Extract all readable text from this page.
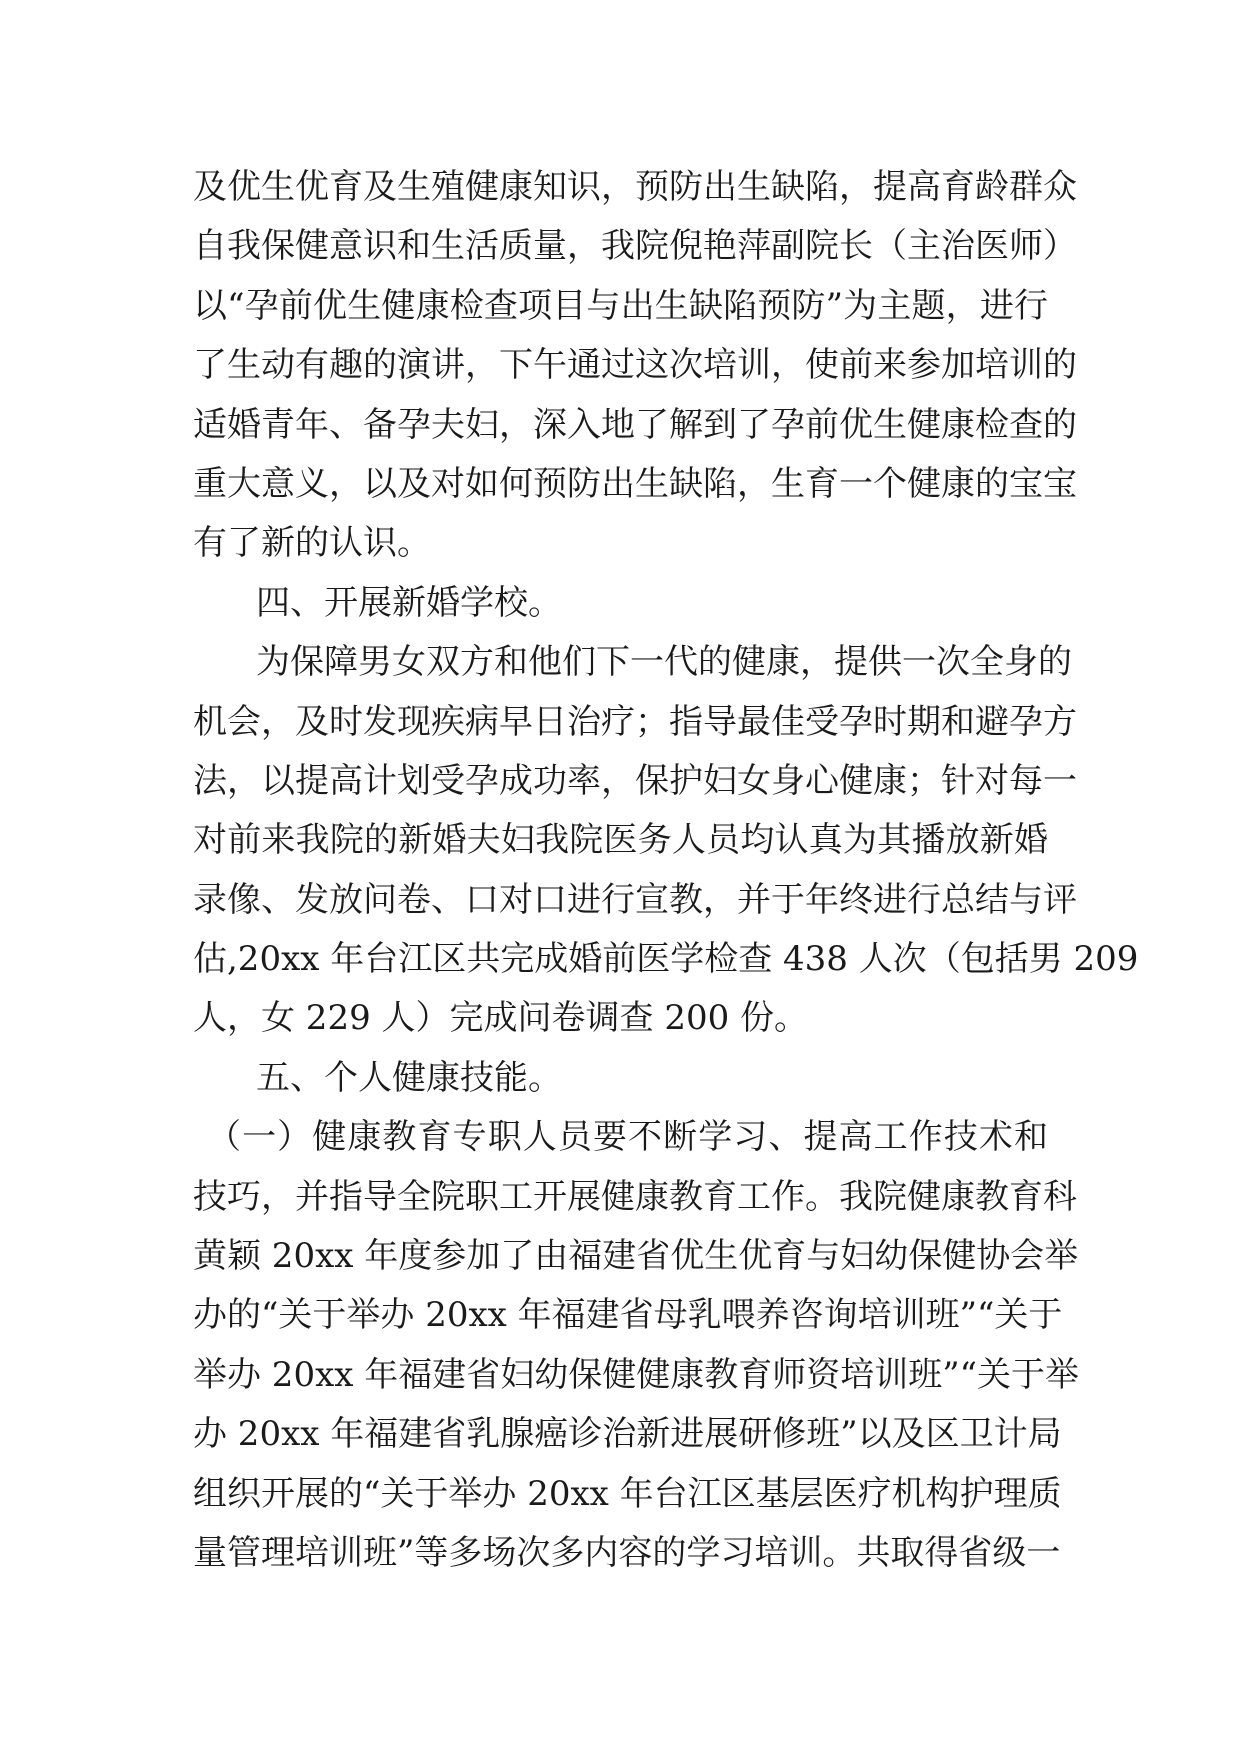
及优生优育及生殖健康知识，预防出生缺陷，提高育龄群众
自我保健意识和生活质量，我院倪艳萍副院长（主治医师）
以“孕前优生健康检查项目与出生缺陷预防”为主题，进行
了生动有趣的演讲，下午通过这次培训，使前来参加培训的
适婚青年、备孕夫妇，深入地了解到了孕前优生健康检查的
重大意义，以及对如何预防出生缺陷，生育一个健康的宝宝
有了新的认识。
四、开展新婚学校。
为保障男女双方和他们下一代的健康，提供一次全身的
机会，及时发现疾病早日治疗；指导最佳受孕时期和避孕方
法，以提高计划受孕成功率，保护妇女身心健康；针对每一
对前来我院的新婚夫妇我院医务人员均认真为其播放新婚
录像、发放问卷、口对口进行宣教，并于年终进行总结与评
估,20xx 年台江区共完成婚前医学检查 438 人次（包括男 209
人，女 229 人）完成问卷调查 200 份。
五、个人健康技能。
（一）健康教育专职人员要不断学习、提高工作技术和
技巧，并指导全院职工开展健康教育工作。我院健康教育科
黄颖 20xx 年度参加了由福建省优生优育与妇幼保健协会举
办的“关于举办 20xx 年福建省母乳喂养咨询培训班”“关于
举办 20xx 年福建省妇幼保健健康教育师资培训班”“关于举
办 20xx 年福建省乳腺癌诊治新进展研修班”以及区卫计局
组织开展的“关于举办 20xx 年台江区基层医疗机构护理质
量管理培训班”等多场次多内容的学习培训。共取得省级一
